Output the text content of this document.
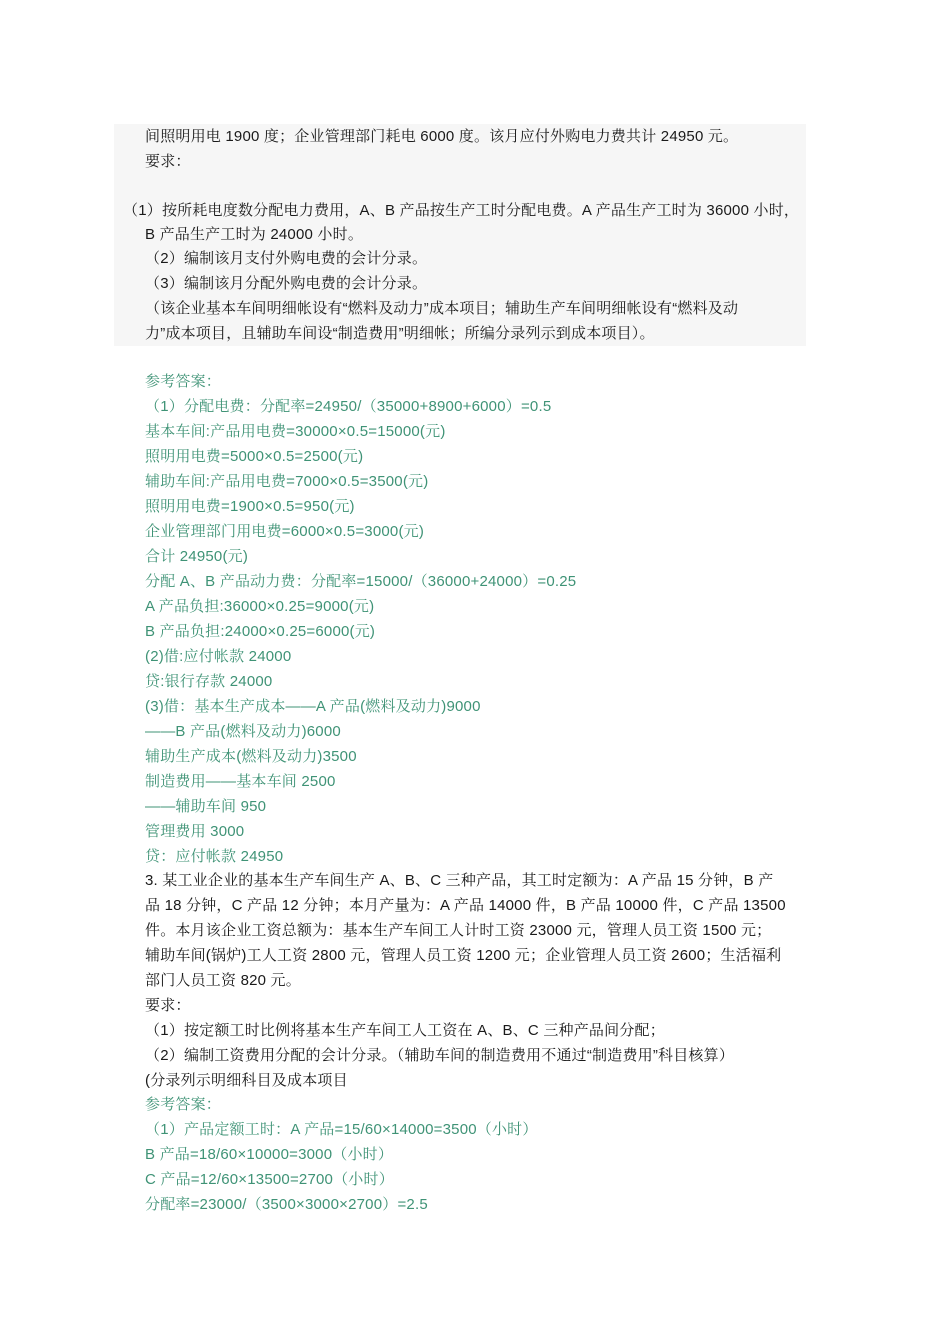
间照明用电 1900 度；企业管理部门耗电 6000 度。该月应付外购电力费共计 24950 元。
要求：
（1）按所耗电度数分配电力费用，A、B 产品按生产工时分配电费。A 产品生产工时为 36000 小时，
B 产品生产工时为 24000 小时。
（2）编制该月支付外购电费的会计分录。
（3）编制该月分配外购电费的会计分录。
（该企业基本车间明细帐设有“燃料及动力”成本项目；辅助生产车间明细帐设有“燃料及动
力”成本项目，且辅助车间设“制造费用”明细帐；所编分录列示到成本项目）。
参考答案：
（1）分配电费：分配率=24950/（35000+8900+6000）=0.5
基本车间:产品用电费=30000×0.5=15000(元)
照明用电费=5000×0.5=2500(元)
辅助车间:产品用电费=7000×0.5=3500(元)
照明用电费=1900×0.5=950(元)
企业管理部门用电费=6000×0.5=3000(元)
合计 24950(元)
分配 A、B 产品动力费：分配率=15000/（36000+24000）=0.25
A 产品负担:36000×0.25=9000(元)
B 产品负担:24000×0.25=6000(元)
(2)借:应付帐款 24000
贷:银行存款 24000
(3)借：基本生产成本——A 产品(燃料及动力)9000
——B 产品(燃料及动力)6000
辅助生产成本(燃料及动力)3500
制造费用——基本车间 2500
——辅助车间 950
管理费用 3000
贷：应付帐款 24950
3. 某工业企业的基本生产车间生产 A、B、C 三种产品，其工时定额为：A 产品 15 分钟，B 产
品 18 分钟，C 产品 12 分钟；本月产量为：A 产品 14000 件，B 产品 10000 件，C 产品 13500
件。本月该企业工资总额为：基本生产车间工人计时工资 23000 元，管理人员工资 1500 元；
辅助车间(锅炉)工人工资 2800 元，管理人员工资 1200 元；企业管理人员工资 2600；生活福利
部门人员工资 820 元。
要求：
（1）按定额工时比例将基本生产车间工人工资在 A、B、C 三种产品间分配；
（2）编制工资费用分配的会计分录。（辅助车间的制造费用不通过“制造费用”科目核算）
(分录列示明细科目及成本项目
参考答案：
（1）产品定额工时：A 产品=15/60×14000=3500（小时）
B 产品=18/60×10000=3000（小时）
C 产品=12/60×13500=2700（小时）
分配率=23000/（3500×3000×2700）=2.5
